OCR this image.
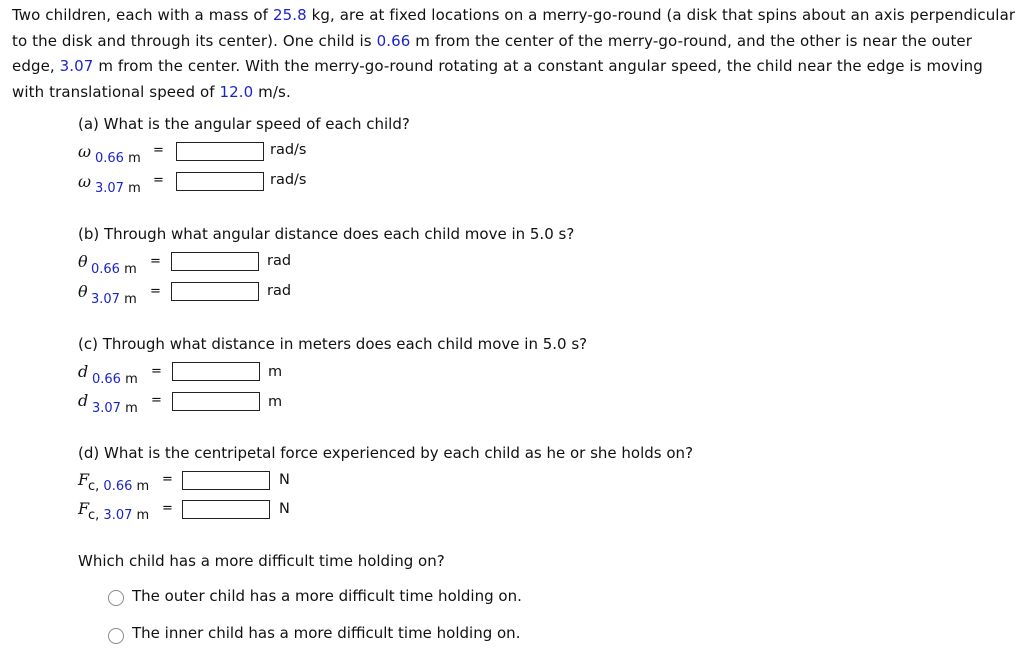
Two children, each with a mass of 25.8 kg, are at fixed locations on a merry-go-round (a disk that spins about an axis perpendicular to the disk and through its center). One child is 0.66 m from the center of the merry-go-round, and the other is near the outer edge, 3.07 m from the center. With the merry-go-round rotating at a constant angular speed, the child near the edge is moving with translational speed of 12.0 m/s.
(a) What is the angular speed of each child?
ω 0.66 m
=	rad/s
ω 3.07 m
=	rad/s
(b) Through what angular distance does each child move in 5.0 s?
θ 0.66 m
=	rad
θ 3.07 m
=	rad
(c) Through what distance in meters does each child move in 5.0 s?
d 0.66 m
=	m
d 3.07 m
=	m
(d) What is the centripetal force experienced by each child as he or she holds on?
F
c, 0.66 m =	N
F
c, 3.07 m =	N
Which child has a more difficult time holding on?
The outer child has a more difficult time holding on.
The inner child has a more difficult time holding on.
